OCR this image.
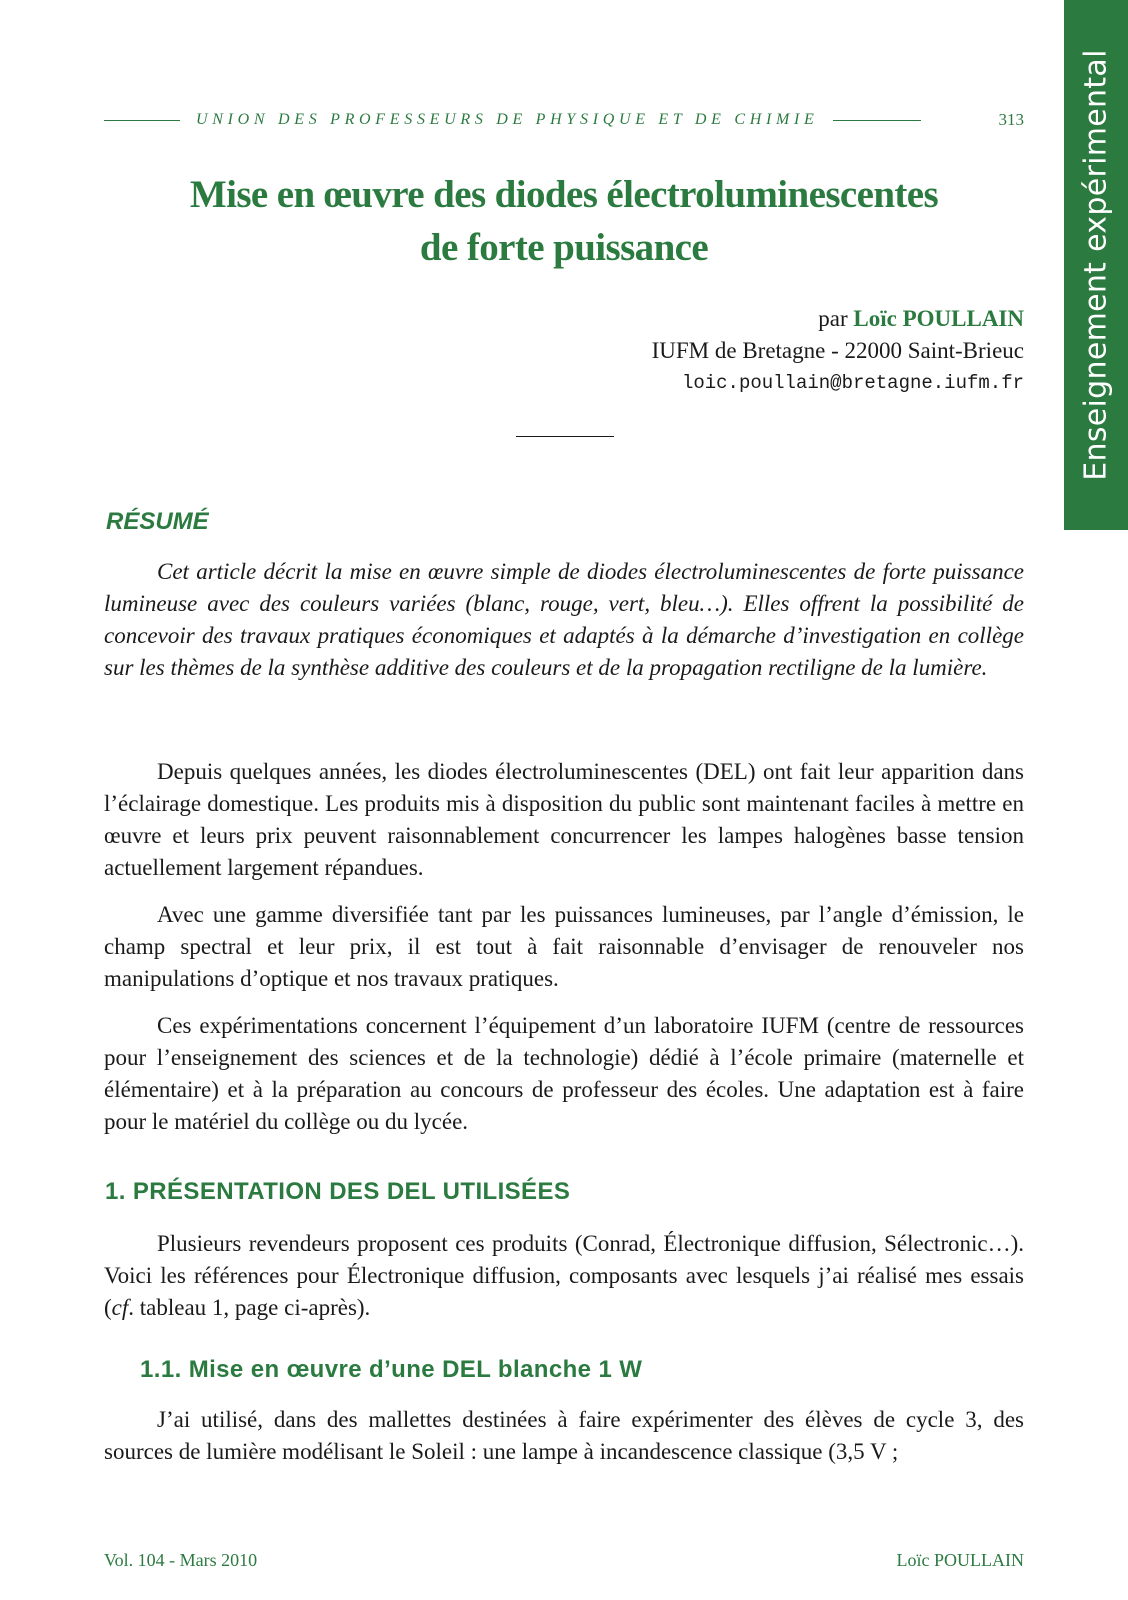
Enseignement expérimental
UNION DES PROFESSEURS DE PHYSIQUE ET DE CHIMIE	313
Mise en œuvre des diodes électroluminescentes
de forte puissance
par Loïc POULLAIN
IUFM de Bretagne - 22000 Saint-Brieuc
loic.poullain@bretagne.iufm.fr
RÉSUMÉ

Cet article décrit la mise en œuvre simple de diodes électroluminescentes de forte puissance lumineuse avec des couleurs variées (blanc, rouge, vert, bleu…). Elles offrent la possibilité de concevoir des travaux pratiques économiques et adaptés à la démarche d’investigation en collège sur les thèmes de la synthèse additive des couleurs et de la propagation rectiligne de la lumière.

Depuis quelques années, les diodes électroluminescentes (DEL) ont fait leur apparition dans l’éclairage domestique. Les produits mis à disposition du public sont maintenant faciles à mettre en œuvre et leurs prix peuvent raisonnablement concurrencer les lampes halogènes basse tension actuellement largement répandues.

Avec une gamme diversifiée tant par les puissances lumineuses, par l’angle d’émission, le champ spectral et leur prix, il est tout à fait raisonnable d’envisager de renouveler nos manipulations d’optique et nos travaux pratiques.

Ces expérimentations concernent l’équipement d’un laboratoire IUFM (centre de ressources pour l’enseignement des sciences et de la technologie) dédié à l’école primaire (maternelle et élémentaire) et à la préparation au concours de professeur des écoles. Une adaptation est à faire pour le matériel du collège ou du lycée.

1. PRÉSENTATION DES DEL UTILISÉES

Plusieurs revendeurs proposent ces produits (Conrad, Électronique diffusion, Sélectronic…). Voici les références pour Électronique diffusion, composants avec lesquels j’ai réalisé mes essais (cf. tableau 1, page ci-après).

1.1. Mise en œuvre d’une DEL blanche 1 W

J’ai utilisé, dans des mallettes destinées à faire expérimenter des élèves de cycle 3, des sources de lumière modélisant le Soleil : une lampe à incandescence classique (3,5 V ;

Vol. 104 - Mars 2010	Loïc POULLAIN
